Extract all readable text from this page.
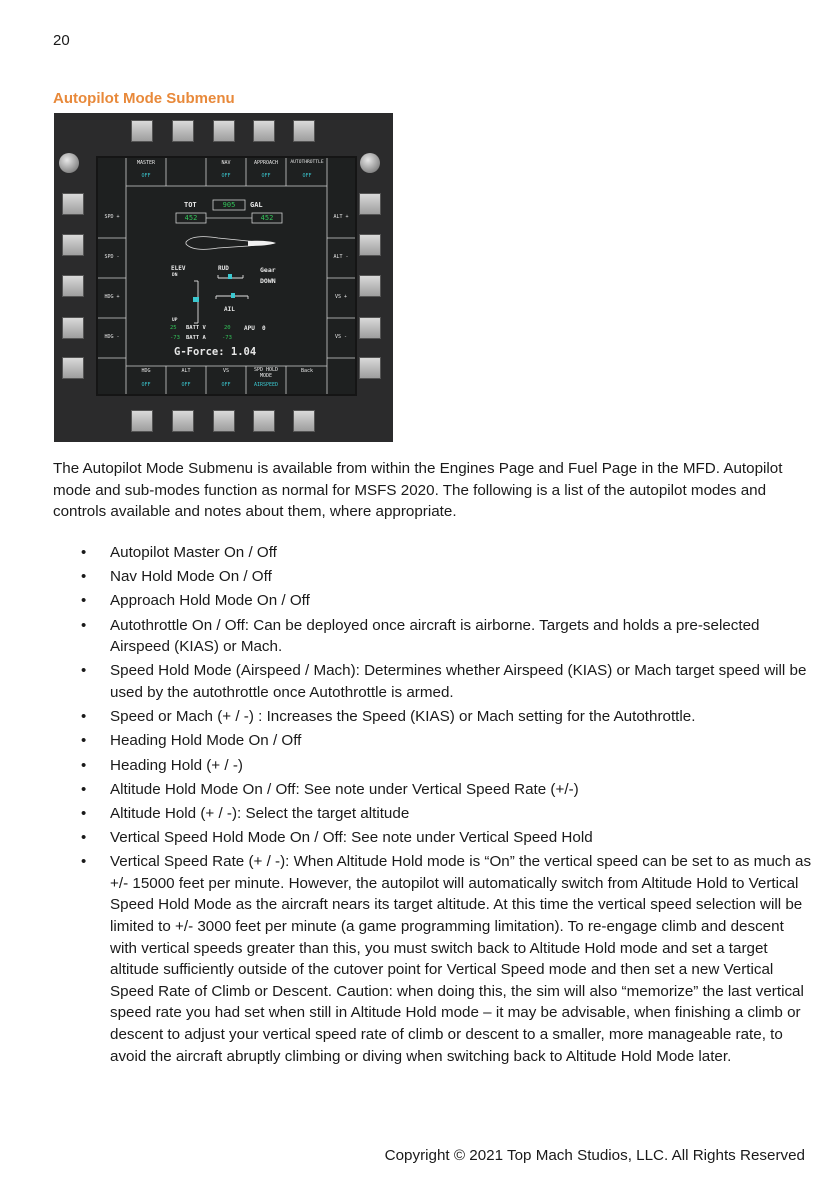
20
Autopilot Mode Submenu
MASTER
OFF
NAV
OFF
APPROACH
OFF
AUTOTHROTTLE
OFF
SPD +
SPD -
HDG +
HDG -
ALT +
ALT -
VS +
VS -
HDG
OFF
ALT
OFF
VS
OFF
SPD HOLD MODE
AIRSPEED
Back
TOT	905	GAL
452	452
ELEV
DN
UP
RUD
AIL
Gear
DOWN
25 BATT V	20
-73 BATT A	-73
APU 0
G-Force: 1.04
The Autopilot Mode Submenu is available from within the Engines Page and Fuel Page in the MFD. Autopilot mode and sub-modes function as normal for MSFS 2020. The following is a list of the autopilot modes and controls available and notes about them, where appropriate.
• Autopilot Master On / Off
• Nav Hold Mode On / Off
• Approach Hold Mode On / Off
• Autothrottle On / Off: Can be deployed once aircraft is airborne. Targets and holds a pre-selected Airspeed (KIAS) or Mach.
• Speed Hold Mode (Airspeed / Mach): Determines whether Airspeed (KIAS) or Mach target speed will be used by the autothrottle once Autothrottle is armed.
• Speed or Mach (+ / -) : Increases the Speed (KIAS) or Mach setting for the Autothrottle.
• Heading Hold Mode On / Off
• Heading Hold (+ / -)
• Altitude Hold Mode On / Off: See note under Vertical Speed Rate (+/-)
• Altitude Hold (+ / -): Select the target altitude
• Vertical Speed Hold Mode On / Off: See note under Vertical Speed Hold
• Vertical Speed Rate (+ / -): When Altitude Hold mode is “On” the vertical speed can be set to as much as +/- 15000 feet per minute. However, the autopilot will automatically switch from Altitude Hold to Vertical Speed Hold Mode as the aircraft nears its target altitude. At this time the vertical speed selection will be limited to +/- 3000 feet per minute (a game programming limitation). To re-engage climb and descent with vertical speeds greater than this, you must switch back to Altitude Hold mode and set a target altitude sufficiently outside of the cutover point for Vertical Speed mode and then set a new Vertical Speed Rate of Climb or Descent. Caution: when doing this, the sim will also “memorize” the last vertical speed rate you had set when still in Altitude Hold mode – it may be advisable, when finishing a climb or descent to adjust your vertical speed rate of climb or descent to a smaller, more manageable rate, to avoid the aircraft abruptly climbing or diving when switching back to Altitude Hold Mode later.
Copyright © 2021 Top Mach Studios, LLC. All Rights Reserved
